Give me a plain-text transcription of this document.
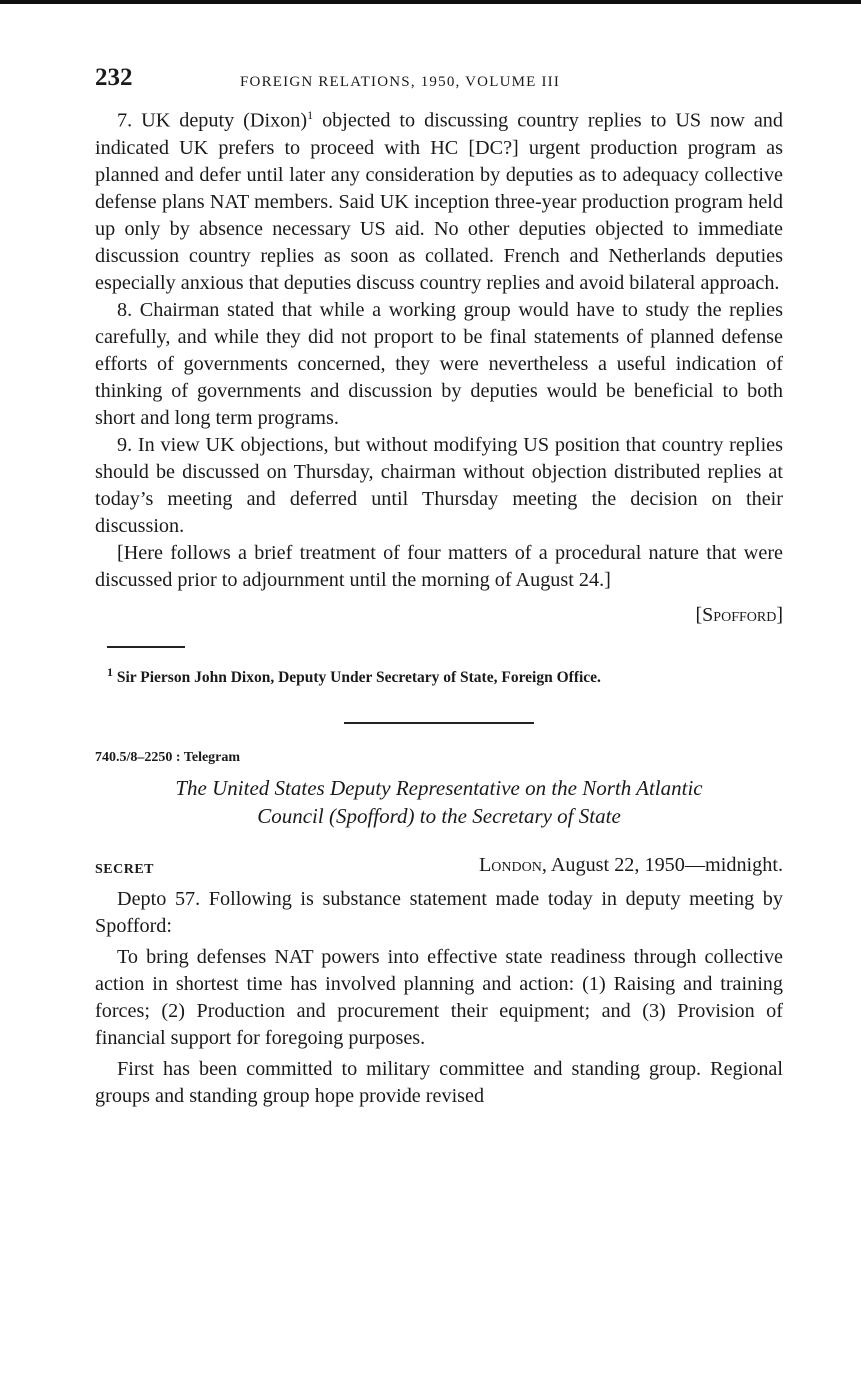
232	FOREIGN RELATIONS, 1950, VOLUME III

7. UK deputy (Dixon)$^1$ objected to discussing country replies to US now and indicated UK prefers to proceed with HC [DC?] urgent production program as planned and defer until later any consideration by deputies as to adequacy collective defense plans NAT members. Said UK inception three-year production program held up only by absence necessary US aid. No other deputies objected to immediate discussion country replies as soon as collated. French and Netherlands deputies especially anxious that deputies discuss country replies and avoid bilateral approach.

8. Chairman stated that while a working group would have to study the replies carefully, and while they did not proport to be final statements of planned defense efforts of governments concerned, they were nevertheless a useful indication of thinking of governments and discussion by deputies would be beneficial to both short and long term programs.

9. In view UK objections, but without modifying US position that country replies should be discussed on Thursday, chairman without objection distributed replies at today’s meeting and deferred until Thursday meeting the decision on their discussion.

[Here follows a brief treatment of four matters of a procedural nature that were discussed prior to adjournment until the morning of August 24.]

[Spofford]
$^1$ Sir Pierson John Dixon, Deputy Under Secretary of State, Foreign Office.
740.5/8–2250 : Telegram
The United States Deputy Representative on the North Atlantic
Council (Spofford) to the Secretary of State
SECRET	London, August 22, 1950—midnight.

Depto 57. Following is substance statement made today in deputy meeting by Spofford:

To bring defenses NAT powers into effective state readiness through collective action in shortest time has involved planning and action: (1) Raising and training forces; (2) Production and procurement their equipment; and (3) Provision of financial support for foregoing purposes.

First has been committed to military committee and standing group. Regional groups and standing group hope provide revised
